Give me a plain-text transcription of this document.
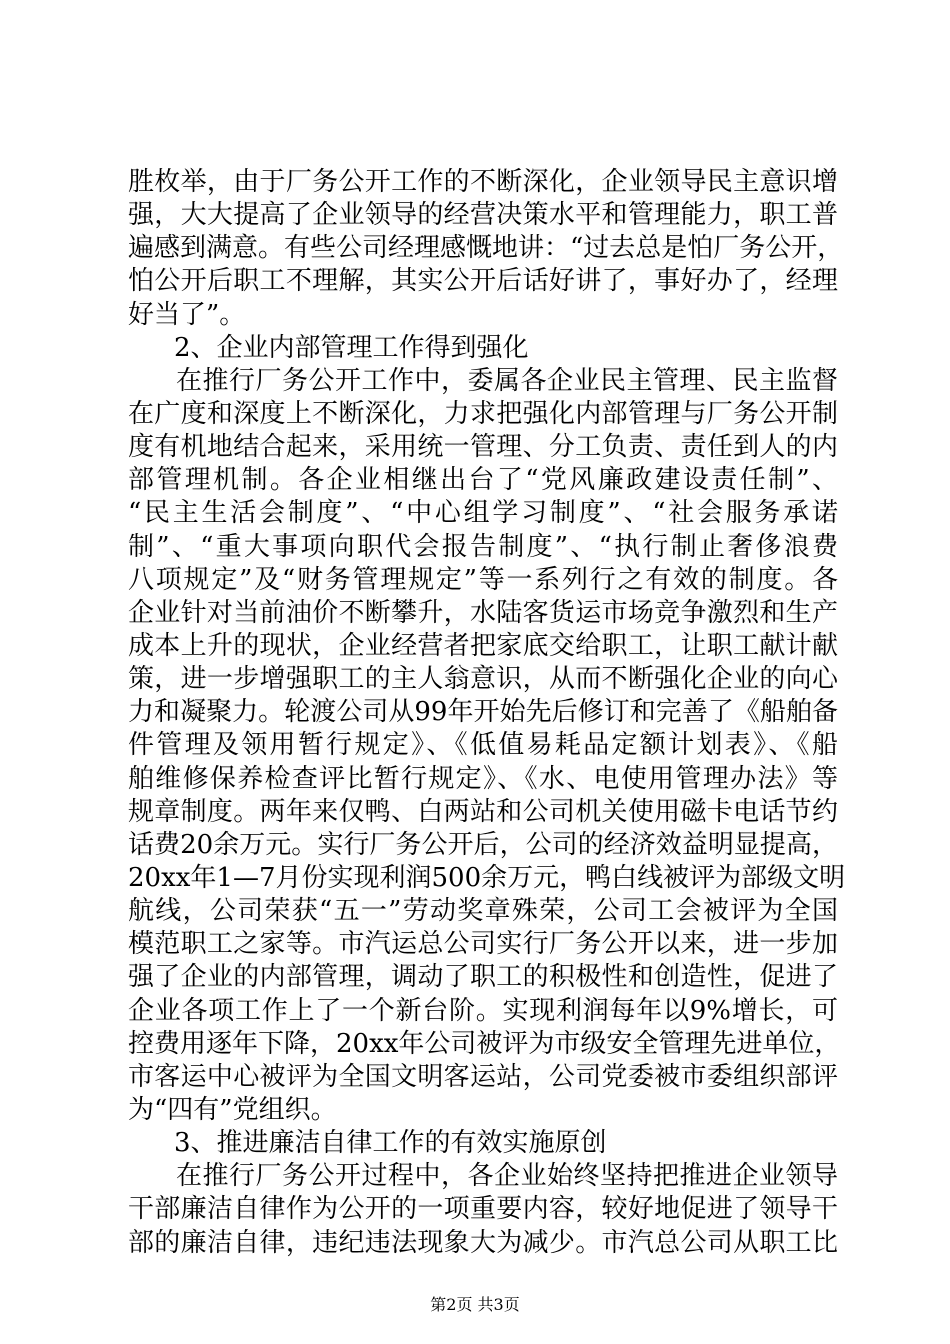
胜枚举，由于厂务公开工作的不断深化，企业领导民主意识增
强，大大提高了企业领导的经营决策水平和管理能力，职工普
遍感到满意。有些公司经理感慨地讲：“过去总是怕厂务公开，
怕公开后职工不理解，其实公开后话好讲了，事好办了，经理
好当了”。
2、企业内部管理工作得到强化
在推行厂务公开工作中，委属各企业民主管理、民主监督
在广度和深度上不断深化，力求把强化内部管理与厂务公开制
度有机地结合起来，采用统一管理、分工负责、责任到人的内
部管理机制。各企业相继出台了“党风廉政建设责任制”、
“民主生活会制度”、“中心组学习制度”、“社会服务承诺
制”、“重大事项向职代会报告制度”、“执行制止奢侈浪费
八项规定”及“财务管理规定”等一系列行之有效的制度。各
企业针对当前油价不断攀升，水陆客货运市场竞争激烈和生产
成本上升的现状，企业经营者把家底交给职工，让职工献计献
策，进一步增强职工的主人翁意识，从而不断强化企业的向心
力和凝聚力。轮渡公司从99年开始先后修订和完善了《船舶备
件管理及领用暂行规定》、《低值易耗品定额计划表》、《船
舶维修保养检查评比暂行规定》、《水、电使用管理办法》等
规章制度。两年来仅鸭、白两站和公司机关使用磁卡电话节约
话费20余万元。实行厂务公开后，公司的经济效益明显提高，
20xx年1—7月份实现利润500余万元，鸭白线被评为部级文明
航线，公司荣获“五一”劳动奖章殊荣，公司工会被评为全国
模范职工之家等。市汽运总公司实行厂务公开以来，进一步加
强了企业的内部管理，调动了职工的积极性和创造性，促进了
企业各项工作上了一个新台阶。实现利润每年以9%增长，可
控费用逐年下降，20xx年公司被评为市级安全管理先进单位，
市客运中心被评为全国文明客运站，公司党委被市委组织部评
为“四有”党组织。
3、推进廉洁自律工作的有效实施原创
在推行厂务公开过程中，各企业始终坚持把推进企业领导
干部廉洁自律作为公开的一项重要内容，较好地促进了领导干
部的廉洁自律，违纪违法现象大为减少。市汽总公司从职工比
第2页 共3页
